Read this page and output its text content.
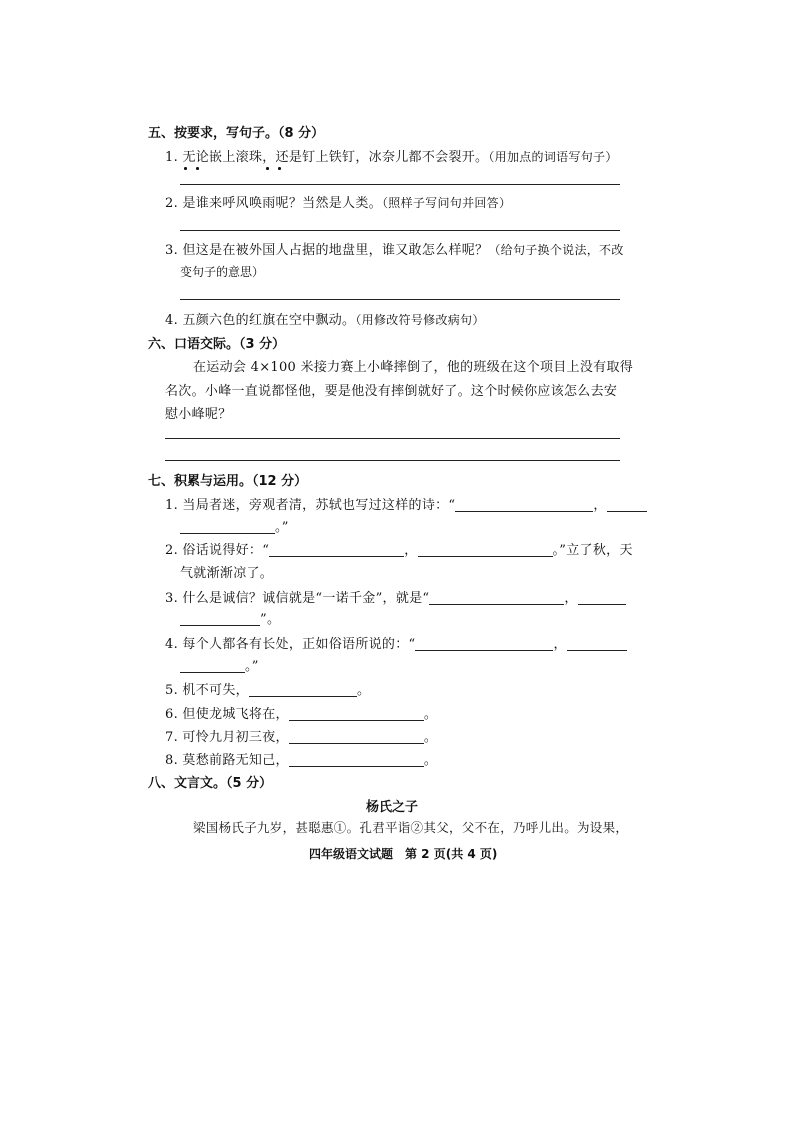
五、按要求，写句子。（8 分）
1. 无论嵌上滚珠，还是钉上铁钉，冰奈儿都不会裂开。（用加点的词语写句子）
2. 是谁来呼风唤雨呢？当然是人类。（照样子写问句并回答）
3. 但这是在被外国人占据的地盘里，谁又敢怎么样呢？（给句子换个说法，不改
变句子的意思）
4. 五颜六色的红旗在空中飘动。（用修改符号修改病句）
六、口语交际。（3 分）
在运动会 4×100 米接力赛上小峰摔倒了，他的班级在这个项目上没有取得
名次。小峰一直说都怪他，要是他没有摔倒就好了。这个时候你应该怎么去安
慰小峰呢？
七、积累与运用。（12 分）
1. 当局者迷，旁观者清，苏轼也写过这样的诗：“	，
。”
2. 俗话说得好：“	，	。”立了秋，天
气就渐渐凉了。
3. 什么是诚信？诚信就是“一诺千金”，就是“	，
”。
4. 每个人都各有长处，正如俗语所说的：“	，
。”
5. 机不可失，	。
6. 但使龙城飞将在，	。
7. 可怜九月初三夜，	。
8. 莫愁前路无知己，	。
八、文言文。（5 分）
杨氏之子
梁国杨氏子九岁，甚聪惠①。孔君平诣②其父，父不在，乃呼儿出。为设果，
四年级语文试题　第 2 页(共 4 页)
